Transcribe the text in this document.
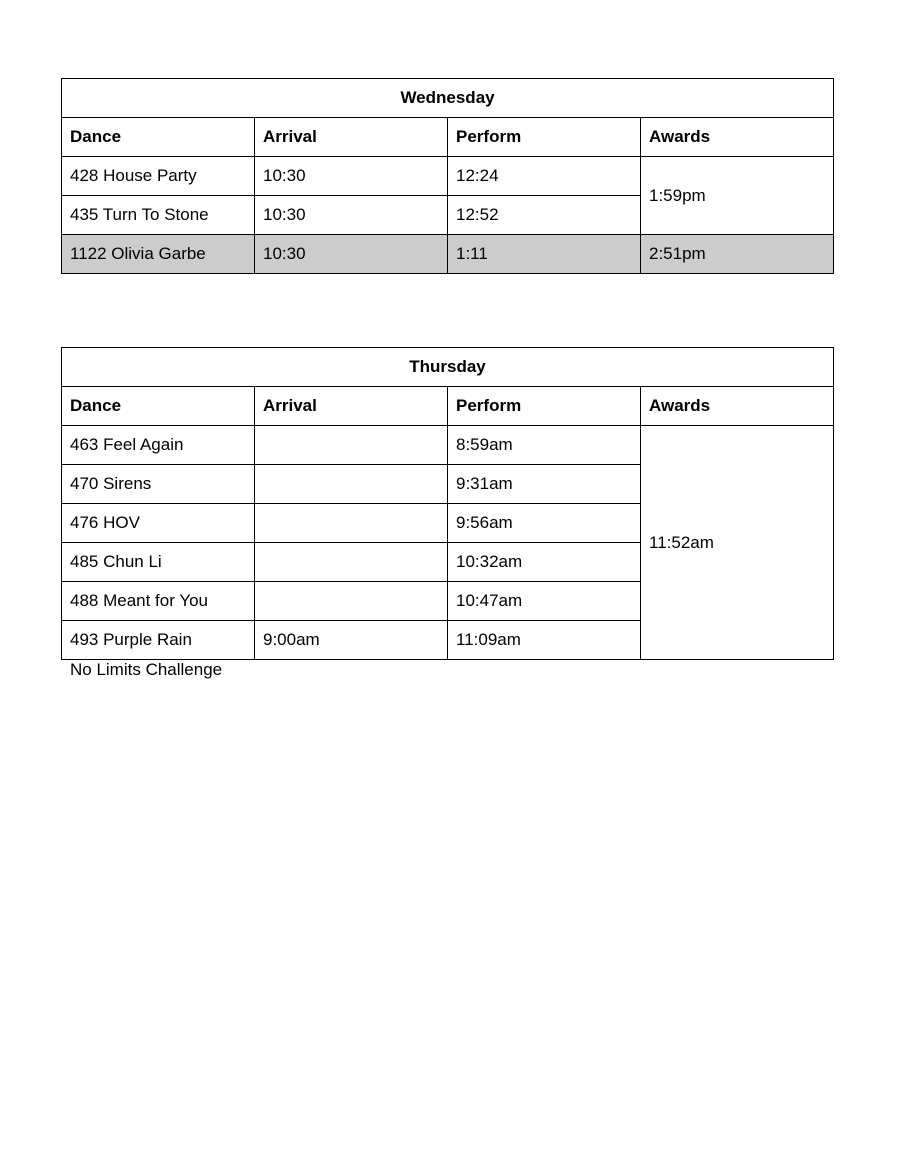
Wednesday			
Dance	Arrival	Perform	Awards
428 House Party	10:30	12:24	1:59pm
435 Turn To Stone	10:30	12:52	
1122 Olivia Garbe	10:30	1:11	2:51pm
Thursday			
Dance	Arrival	Perform	Awards
463 Feel Again		8:59am	11:52am
470 Sirens		9:31am	
476 HOV		9:56am	
485 Chun Li		10:32am	
488 Meant for You		10:47am	
493 Purple Rain	9:00am	11:09am	
No Limits Challenge
